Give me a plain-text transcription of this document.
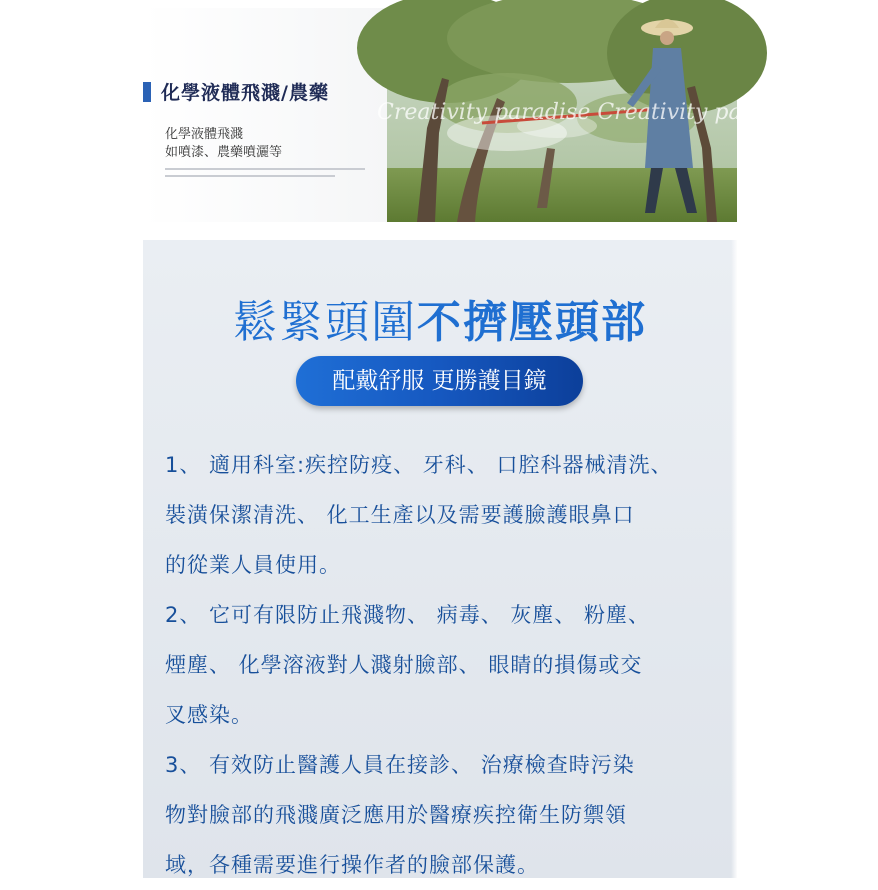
化學液體飛濺/農藥
化學液體飛濺
如噴漆、農藥噴灑等
Creativity paradise Creativity paradise
鬆緊頭圍不擠壓頭部
配戴舒服 更勝護目鏡

1、 適用科室:疾控防疫、 牙科、 口腔科器械清洗、

裝潢保潔清洗、 化工生產以及需要護臉護眼鼻口

的從業人員使用。

2、 它可有限防止飛濺物、 病毒、 灰塵、 粉塵、

煙塵、 化學溶液對人濺射臉部、 眼睛的損傷或交

叉感染。

3、 有效防止醫護人員在接診、 治療檢查時污染

物對臉部的飛濺廣泛應用於醫療疾控衛生防禦領

域，各種需要進行操作者的臉部保護。
